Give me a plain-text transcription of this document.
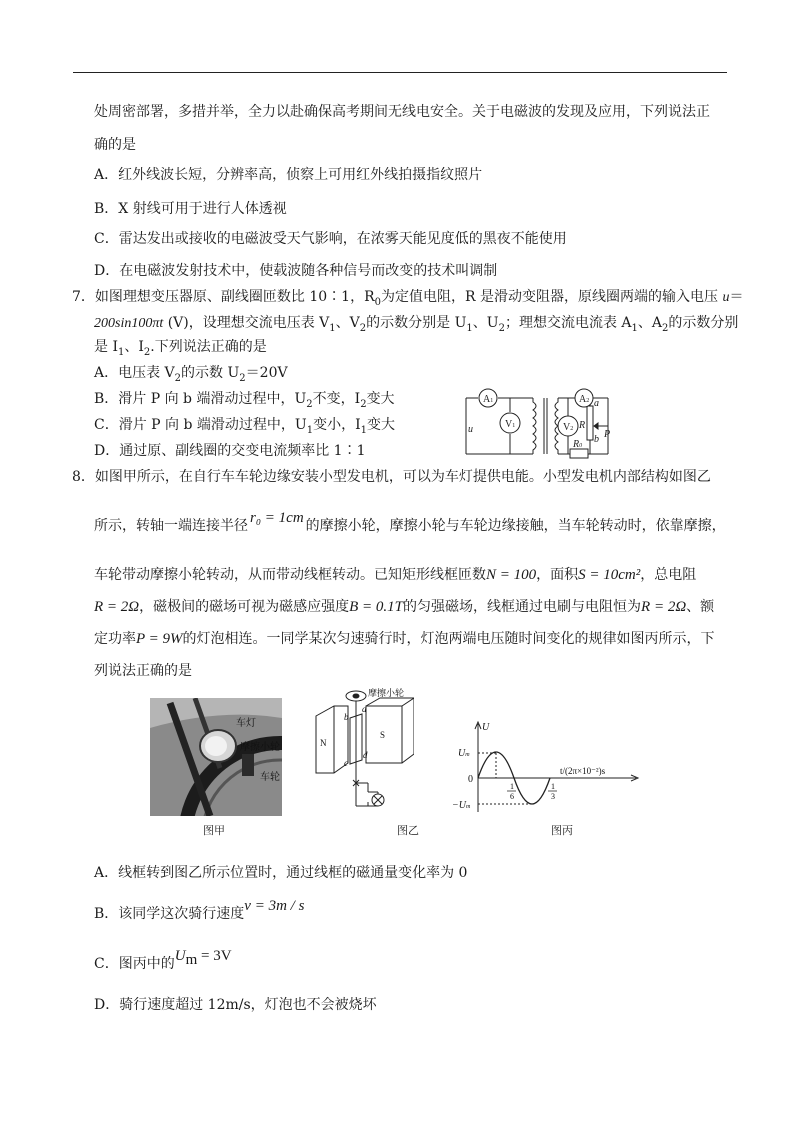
处周密部署，多措并举，全力以赴确保高考期间无线电安全。关于电磁波的发现及应用，下列说法正
确的是
A．红外线波长短，分辨率高，侦察上可用红外线拍摄指纹照片
B．X 射线可用于进行人体透视
C．雷达发出或接收的电磁波受天气影响，在浓雾天能见度低的黑夜不能使用
D．在电磁波发射技术中，使载波随各种信号而改变的技术叫调制
7．如图理想变压器原、副线圈匝数比 10∶1，$R_0$为定值电阻，R 是滑动变阻器，原线圈两端的输入电压 u＝
200sin100πt (V)，设理想交流电压表 $V_1$、$V_2$的示数分别是 $U_1$、$U_2$；理想交流电流表 $A_1$、$A_2$的示数分别
是 $I_1$、$I_2$.下列说法正确的是
A．电压表 $V_2$的示数 $U_2=20V$
B．滑片 P 向 b 端滑动过程中，$U_2$不变，$I_2$变大
C．滑片 P 向 b 端滑动过程中，$U_1$变小，$I_1$变大
D．通过原、副线圈的交变电流频率比 1∶1
A1
V1
A2
V2
u
a
b
R
P
R0
8．如图甲所示，在自行车车轮边缘安装小型发电机，可以为车灯提供电能。小型发电机内部结构如图乙
所示，转轴一端连接半径 r₀ = 1cm 的摩擦小轮，摩擦小轮与车轮边缘接触，当车轮转动时，依靠摩擦，
车轮带动摩擦小轮转动，从而带动线框转动。已知矩形线框匝数N = 100，面积S = 10cm²，总电阻
R = 2Ω，磁极间的磁场可视为磁感应强度B = 0.1T的匀强磁场，线框通过电刷与电阻恒为R = 2Ω、额
定功率P = 9W的灯泡相连。一同学某次匀速骑行时，灯泡两端电压随时间变化的规律如图丙所示，下
列说法正确的是
车灯
摩擦小轮
车轮
图甲
摩擦小轮
N
S
a
b
c
d
图乙
U
Um
0
−Um
t/(2π×10⁻²)s
1
6
1
3
图丙
A．线框转到图乙所示位置时，通过线框的磁通量变化率为 0
B．该同学这次骑行速度v = 3m / s
C．图丙中的$U_m = 3V$
D．骑行速度超过 12m/s，灯泡也不会被烧坏
